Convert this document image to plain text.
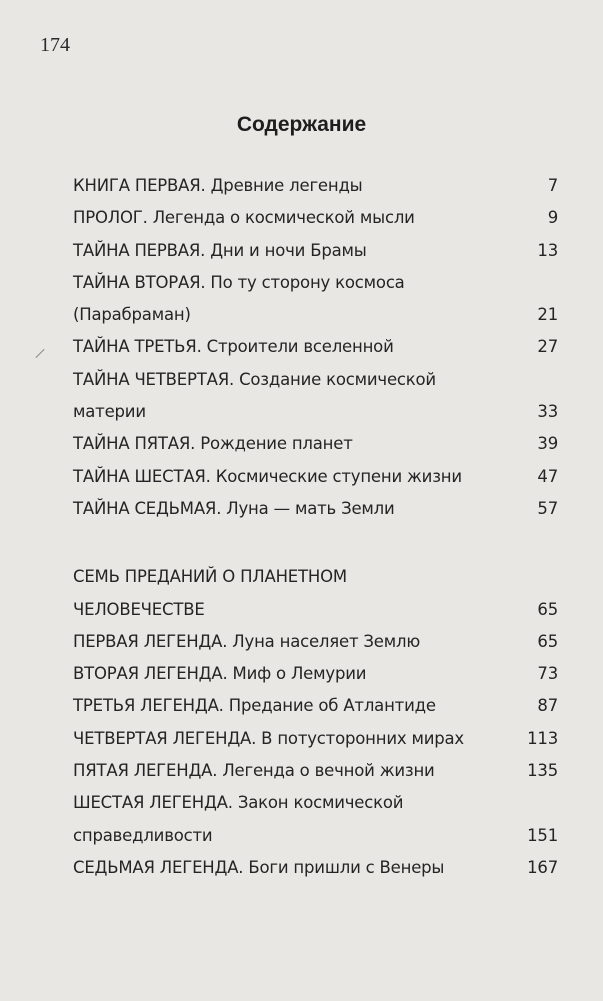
174
Содержание
КНИГА ПЕРВАЯ. Древние легенды	7
ПРОЛОГ. Легенда о космической мысли	9
ТАЙНА ПЕРВАЯ. Дни и ночи Брамы	13
ТАЙНА ВТОРАЯ. По ту сторону космоса
(Парабраман)	21
ТАЙНА ТРЕТЬЯ. Строители вселенной	27
ТАЙНА ЧЕТВЕРТАЯ. Создание космической
материи	33
ТАЙНА ПЯТАЯ. Рождение планет	39
ТАЙНА ШЕСТАЯ. Космические ступени жизни	47
ТАЙНА СЕДЬМАЯ. Луна — мать Земли	57
СЕМЬ ПРЕДАНИЙ О ПЛАНЕТНОМ
ЧЕЛОВЕЧЕСТВЕ	65
ПЕРВАЯ ЛЕГЕНДА. Луна населяет Землю	65
ВТОРАЯ ЛЕГЕНДА. Миф о Лемурии	73
ТРЕТЬЯ ЛЕГЕНДА. Предание об Атлантиде	87
ЧЕТВЕРТАЯ ЛЕГЕНДА. В потусторонних мирах	113
ПЯТАЯ ЛЕГЕНДА. Легенда о вечной жизни	135
ШЕСТАЯ ЛЕГЕНДА. Закон космической
справедливости	151
СЕДЬМАЯ ЛЕГЕНДА. Боги пришли с Венеры	167
